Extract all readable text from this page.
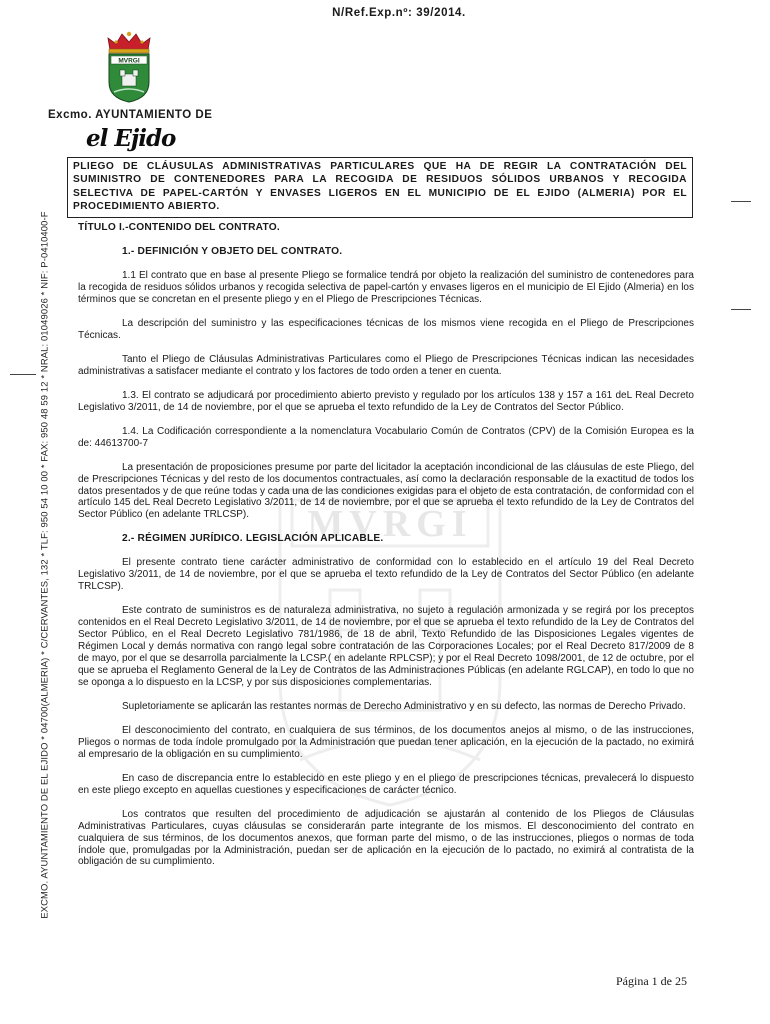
N/Ref.Exp.nº: 39/2014.
MVRGI
Excmo. AYUNTAMIENTO DE
el Ejido
EXCMO. AYUNTAMIENTO DE EL EJIDO * 04700(ALMERIA) * C/CERVANTES, 132 * TLF: 950 54 10 00 * FAX: 950 48 59 12 * NRAL: 01049026 * NIF: P-0410400-F	MVRGI
PLIEGO DE CLÁUSULAS ADMINISTRATIVAS PARTICULARES QUE HA DE REGIR LA CONTRATACIÓN DEL SUMINISTRO DE CONTENEDORES PARA LA RECOGIDA DE RESIDUOS SÓLIDOS URBANOS Y RECOGIDA SELECTIVA DE PAPEL-CARTÓN Y ENVASES LIGEROS EN EL MUNICIPIO DE EL EJIDO (ALMERIA) POR EL PROCEDIMIENTO ABIERTO.
TÍTULO I.-CONTENIDO DEL CONTRATO.
1.- DEFINICIÓN Y OBJETO DEL CONTRATO.

1.1 El contrato que en base al presente Pliego se formalice tendrá por objeto la realización del suministro de contenedores para la recogida de residuos sólidos urbanos y recogida selectiva de papel-cartón y envases ligeros en el municipio de El Ejido (Almeria) en los términos que se concretan en el presente pliego y en el Pliego de Prescripciones Técnicas.

La descripción del suministro y las especificaciones técnicas de los mismos viene recogida en el Pliego de Prescripciones Técnicas.

Tanto el Pliego de Cláusulas Administrativas Particulares como el Pliego de Prescripciones Técnicas indican las necesidades administrativas a satisfacer mediante el contrato y los factores de todo orden a tener en cuenta.

1.3. El contrato se adjudicará por procedimiento abierto previsto y regulado por los artículos 138 y 157 a 161 deL Real Decreto Legislativo 3/2011, de 14 de noviembre, por el que se aprueba el texto refundido de la Ley de Contratos del Sector Público.

1.4. La Codificación correspondiente a la nomenclatura Vocabulario Común de Contratos (CPV) de la Comisión Europea es la de: 44613700-7

La presentación de proposiciones presume por parte del licitador la aceptación incondicional de las cláusulas de este Pliego, del de Prescripciones Técnicas y del resto de los documentos contractuales, así como la declaración responsable de la exactitud de todos los datos presentados y de que reúne todas y cada una de las condiciones exigidas para el objeto de esta contratación, de conformidad con el artículo 145 deL Real Decreto Legislativo 3/2011, de 14 de noviembre, por el que se aprueba el texto refundido de la Ley de Contratos del Sector Público (en adelante TRLCSP).

2.- RÉGIMEN JURÍDICO. LEGISLACIÓN APLICABLE.

El presente contrato tiene carácter administrativo de conformidad con lo establecido en el artículo 19 del Real Decreto Legislativo 3/2011, de 14 de noviembre, por el que se aprueba el texto refundido de la Ley de Contratos del Sector Público (en adelante TRLCSP).

Este contrato de suministros es de naturaleza administrativa, no sujeto a regulación armonizada y se regirá por los preceptos contenidos en el Real Decreto Legislativo 3/2011, de 14 de noviembre, por el que se aprueba el texto refundido de la Ley de Contratos del Sector Público, en el Real Decreto Legislativo 781/1986, de 18 de abril, Texto Refundido de las Disposiciones Legales vigentes de Régimen Local y demás normativa con rango legal sobre contratación de las Corporaciones Locales; por el Real Decreto 817/2009 de 8 de mayo, por el que se desarrolla parcialmente la LCSP.( en adelante RPLCSP); y por el Real Decreto 1098/2001, de 12 de octubre, por el que se aprueba el Reglamento General de la Ley de Contratos de las Administraciones Públicas (en adelante RGLCAP), en todo lo que no se oponga a lo dispuesto en la LCSP, y por sus disposiciones complementarias.

Supletoriamente se aplicarán las restantes normas de Derecho Administrativo y en su defecto, las normas de Derecho Privado.

El desconocimiento del contrato, en cualquiera de sus términos, de los documentos anejos al mismo, o de las instrucciones, Pliegos o normas de toda índole promulgado por la Administración que puedan tener aplicación, en la ejecución de la pactado, no eximirá al empresario de la obligación en su cumplimiento.

En caso de discrepancia entre lo establecido en este pliego y en el pliego de prescripciones técnicas, prevalecerá lo dispuesto en este pliego excepto en aquellas cuestiones y especificaciones de carácter técnico.

Los contratos que resulten del procedimiento de adjudicación se ajustarán al contenido de los Pliegos de Cláusulas Administrativas Particulares, cuyas cláusulas se considerarán parte integrante de los mismos. El desconocimiento del contrato en cualquiera de sus términos, de los documentos anexos, que forman parte del mismo, o de las instrucciones, pliegos o normas de toda índole que, promulgadas por la Administración, puedan ser de aplicación en la ejecución de lo pactado, no eximirá al contratista de la obligación de su cumplimiento.

Página 1 de 25
